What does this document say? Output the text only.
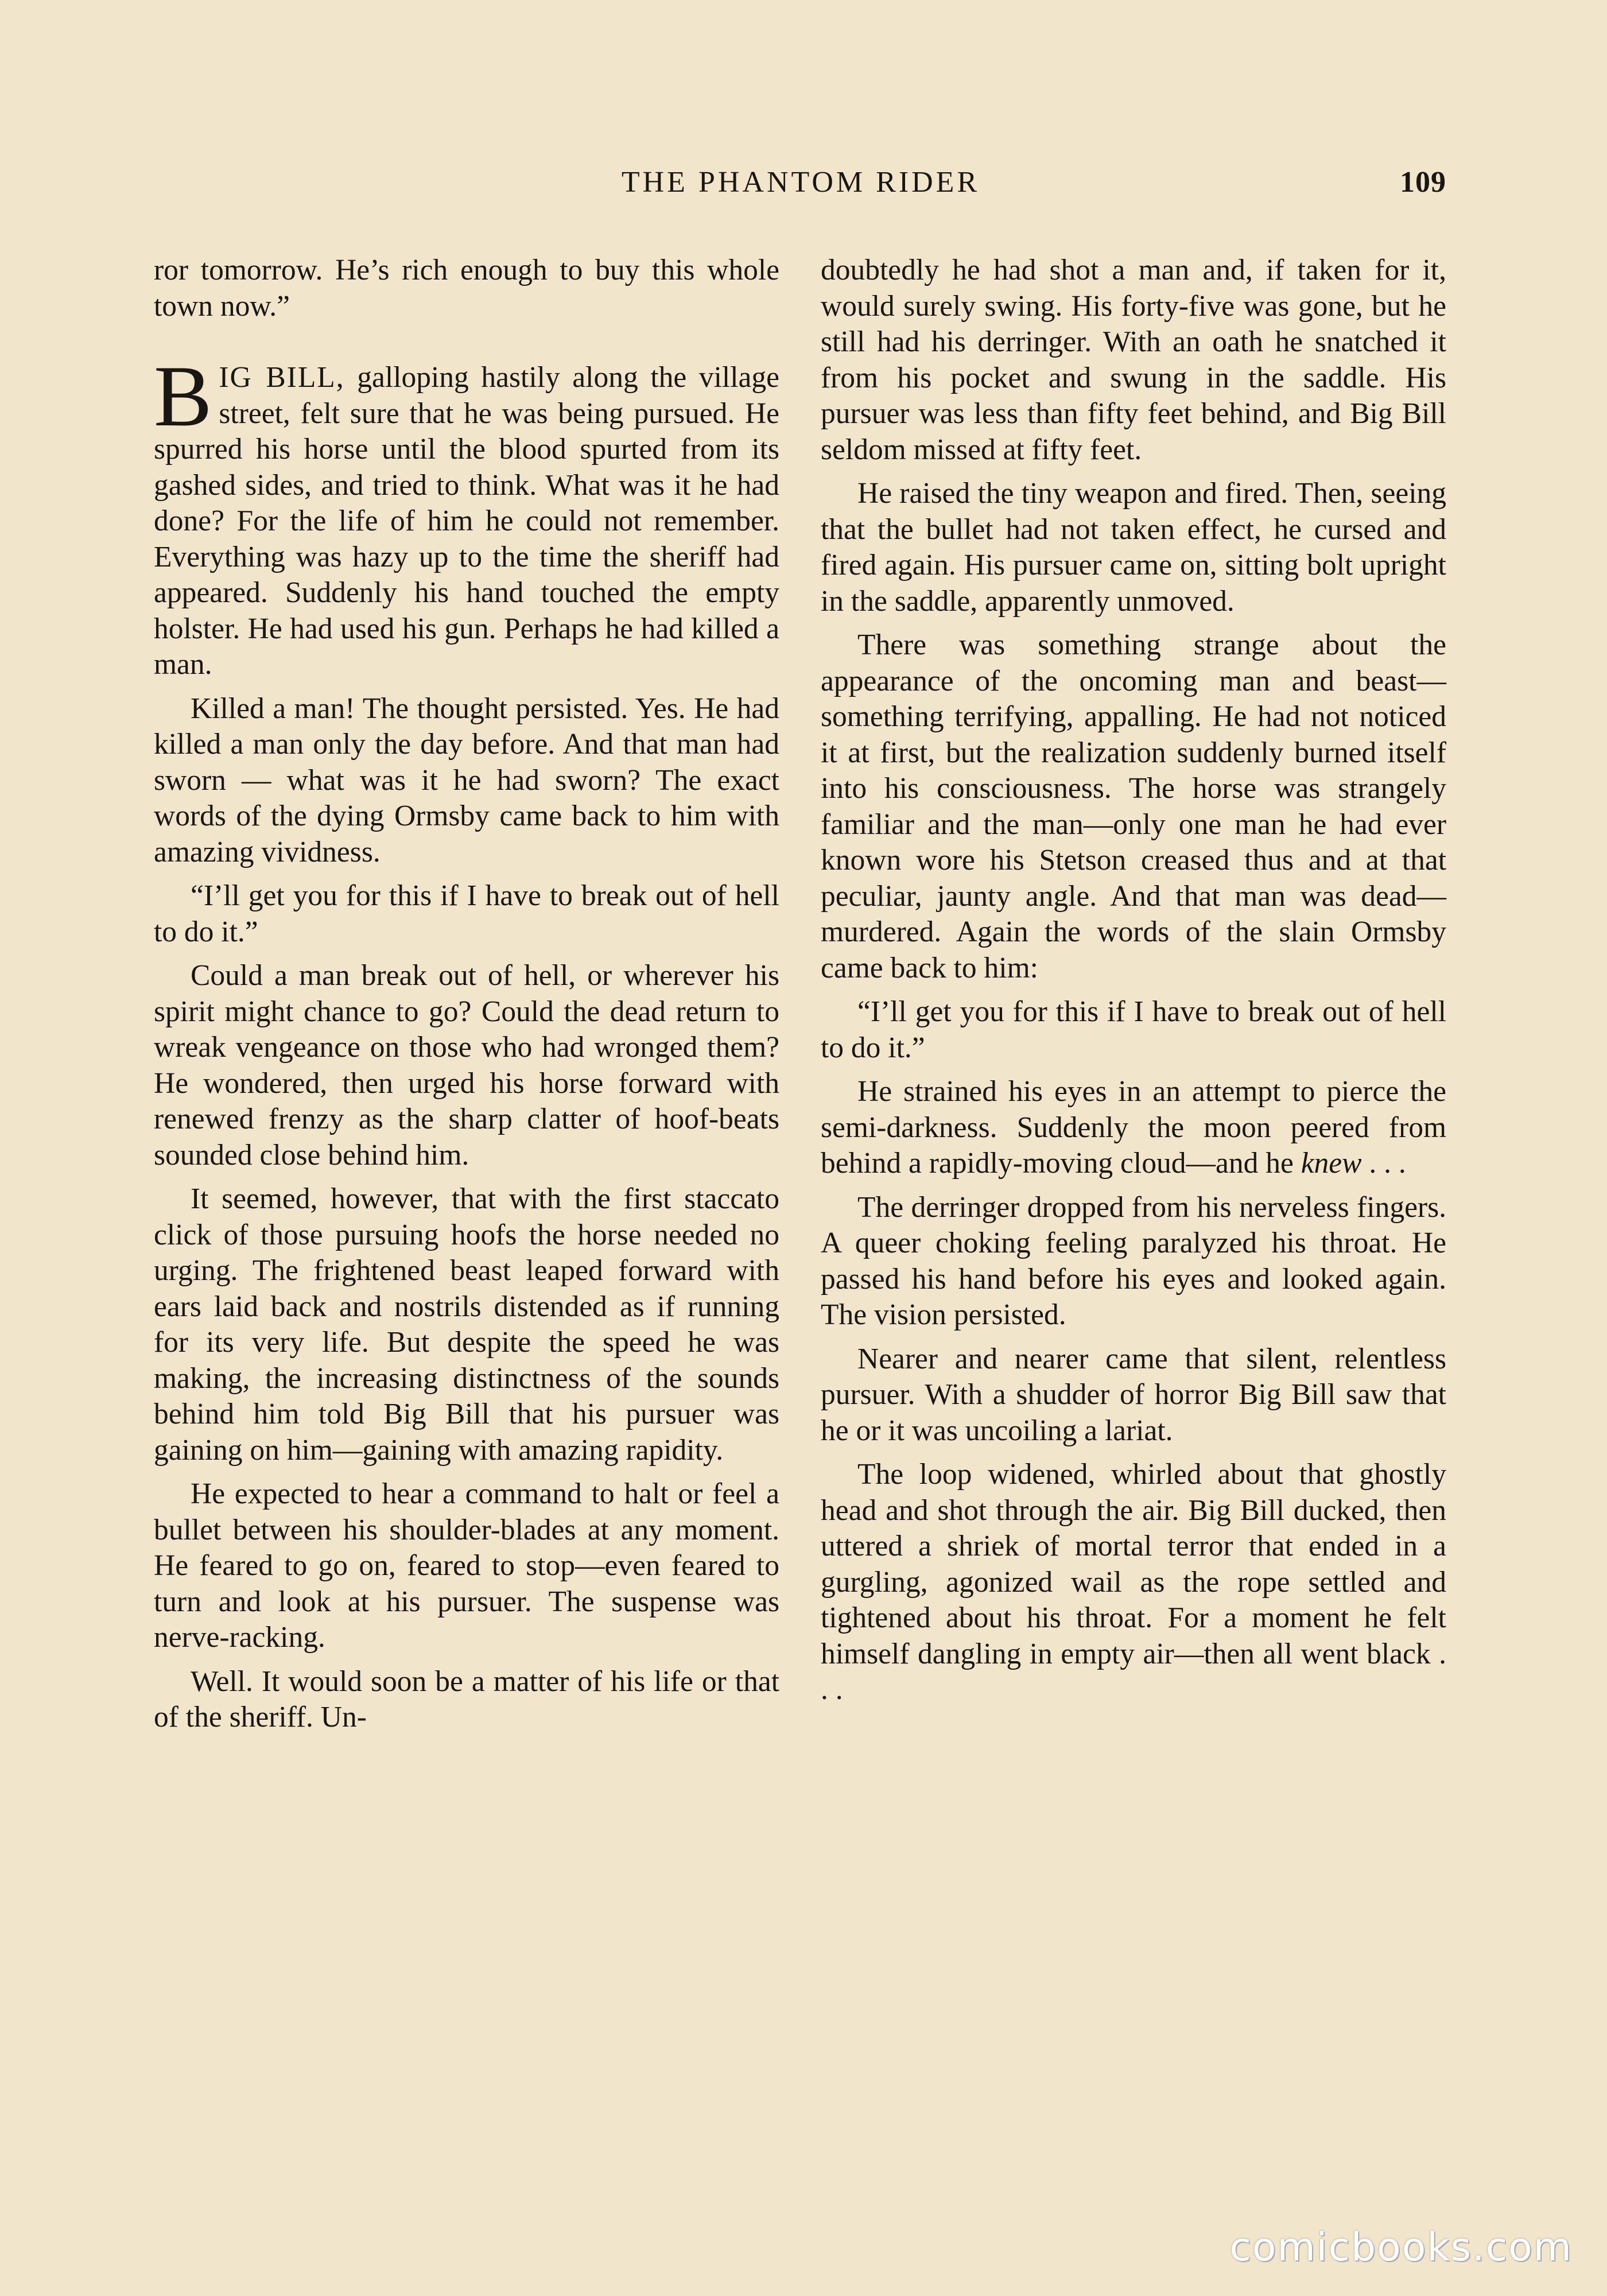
THE PHANTOM RIDER	109

ror tomorrow. He’s rich enough to buy this whole town now.”

BIG BILL, galloping hastily along the village street, felt sure that he was being pursued. He spurred his horse until the blood spurted from its gashed sides, and tried to think. What was it he had done? For the life of him he could not remember. Everything was hazy up to the time the sheriff had appeared. Suddenly his hand touched the empty holster. He had used his gun. Perhaps he had killed a man.

Killed a man! The thought persisted. Yes. He had killed a man only the day before. And that man had sworn — what was it he had sworn? The exact words of the dying Ormsby came back to him with amazing vividness.

“I’ll get you for this if I have to break out of hell to do it.”

Could a man break out of hell, or wherever his spirit might chance to go? Could the dead return to wreak vengeance on those who had wronged them? He wondered, then urged his horse forward with renewed frenzy as the sharp clatter of hoof-beats sounded close behind him.

It seemed, however, that with the first staccato click of those pursuing hoofs the horse needed no urging. The frightened beast leaped forward with ears laid back and nostrils distended as if running for its very life. But despite the speed he was making, the increasing distinctness of the sounds behind him told Big Bill that his pursuer was gaining on him—gaining with amazing rapidity.

He expected to hear a command to halt or feel a bullet between his shoulder-blades at any moment. He feared to go on, feared to stop—even feared to turn and look at his pursuer. The suspense was nerve-racking.

Well. It would soon be a matter of his life or that of the sheriff. Un-

doubtedly he had shot a man and, if taken for it, would surely swing. His forty-five was gone, but he still had his derringer. With an oath he snatched it from his pocket and swung in the saddle. His pursuer was less than fifty feet behind, and Big Bill seldom missed at fifty feet.

He raised the tiny weapon and fired. Then, seeing that the bullet had not taken effect, he cursed and fired again. His pursuer came on, sitting bolt upright in the saddle, apparently unmoved.

There was something strange about the appearance of the oncoming man and beast—something terrifying, appalling. He had not noticed it at first, but the realization suddenly burned itself into his consciousness. The horse was strangely familiar and the man—only one man he had ever known wore his Stetson creased thus and at that peculiar, jaunty angle. And that man was dead—murdered. Again the words of the slain Ormsby came back to him:

“I’ll get you for this if I have to break out of hell to do it.”

He strained his eyes in an attempt to pierce the semi-darkness. Suddenly the moon peered from behind a rapidly-moving cloud—and he knew . . .

The derringer dropped from his nerveless fingers. A queer choking feeling paralyzed his throat. He passed his hand before his eyes and looked again. The vision persisted.

Nearer and nearer came that silent, relentless pursuer. With a shudder of horror Big Bill saw that he or it was uncoiling a lariat.

The loop widened, whirled about that ghostly head and shot through the air. Big Bill ducked, then uttered a shriek of mortal terror that ended in a gurgling, agonized wail as the rope settled and tightened about his throat. For a moment he felt himself dangling in empty air—then all went black . . .

comicbooks.com
